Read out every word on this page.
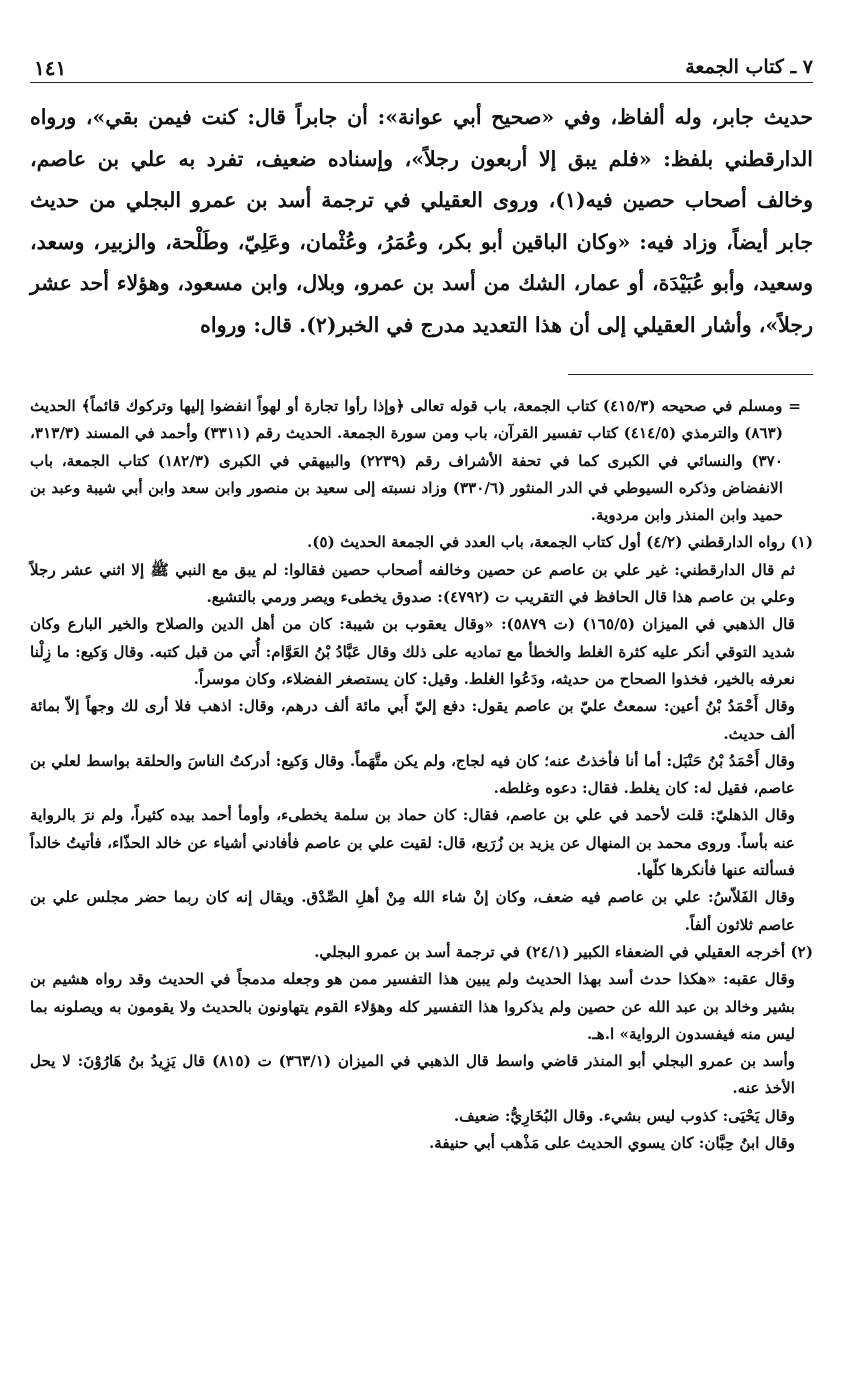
٧ ـ كتاب الجمعة
١٤١

حديث جابر، وله ألفاظ، وفي «صحيح أبي عوانة»: أن جابراً قال: كنت فيمن بقي»، ورواه الدارقطني بلفظ: «فلم يبق إلا أربعون رجلاً»، وإسناده ضعيف، تفرد به علي بن عاصم، وخالف أصحاب حصين فيه(١)، وروى العقيلي في ترجمة أسد بن عمرو البجلي من حديث جابر أيضاً، وزاد فيه: «وكان الباقين أبو بكر، وعُمَرُ، وعُثْمان، وعَلِيّ، وطَلْحة، والزبير، وسعد، وسعيد، وأبو عُبَيْدَة، أو عمار، الشك من أسد بن عمرو، وبلال، وابن مسعود، وهؤلاء أحد عشر رجلاً»، وأشار العقيلي إلى أن هذا التعديد مدرج في الخبر(٢). قال: ورواه

= ومسلم في صحيحه (٤١٥/٣) كتاب الجمعة، باب قوله تعالى ﴿وإذا رأوا تجارة أو لهواً انفضوا إليها وتركوك قائماً﴾ الحديث (٨٦٣) والترمذي (٤١٤/٥) كتاب تفسير القرآن، باب ومن سورة الجمعة. الحديث رقم (٣٣١١) وأحمد في المسند (٣١٣/٣، ٣٧٠) والنسائي في الكبرى كما في تحفة الأشراف رقم (٢٢٣٩) والبيهقي في الكبرى (١٨٢/٣) كتاب الجمعة، باب الانفضاض وذكره السيوطي في الدر المنثور (٣٣٠/٦) وزاد نسبته إلى سعيد بن منصور وابن سعد وابن أبي شيبة وعبد بن حميد وابن المنذر وابن مردوية.

(١) رواه الدارقطني (٤/٢) أول كتاب الجمعة، باب العدد في الجمعة الحديث (٥).

ثم قال الدارقطني: غير علي بن عاصم عن حصين وخالفه أصحاب حصين فقالوا: لم يبق مع النبي ﷺ إلا اثني عشر رجلاً وعلي بن عاصم هذا قال الحافظ في التقريب ت (٤٧٩٢): صدوق يخطىء ويصر ورمي بالتشيع.

قال الذهبي في الميزان (١٦٥/٥) (ت ٥٨٧٩): «وقال يعقوب بن شيبة: كان من أهل الدين والصلاح والخير البارع وكان شديد التوقي أنكر عليه كثرة الغلط والخطأ مع تماديه على ذلك وقال عَبَّادُ بْنُ العَوَّام: أُتي من قبل كتبه. وقال وَكيع: ما زِلْنا نعرفه بالخير، فخذوا الصحاح من حديثه، ودَعُوا الغلط. وقيل: كان يستصغر الفضلاء، وكان موسراً.

وقال أَحْمَدُ بْنُ أعين: سمعتُ عليّ بن عاصم يقول: دفع إليّ أَبي مائة ألف درهم، وقال: اذهب فلا أرى لك وجهاً إلاّ بمائة ألف حديث.

وقال أَحْمَدُ بْنُ حَنْبَل: أما أنا فأخذتُ عنه؛ كان فيه لجاج، ولم يكن متَّهَماً. وقال وَكيع: أدركتُ الناسَ والحلقة بواسط لعلي بن عاصم، فقيل له: كان يغلط. فقال: دعوه وغلطه.

وقال الذهليّ: قلت لأحمد في علي بن عاصم، فقال: كان حماد بن سلمة يخطىء، وأومأ أحمد بيده كثيراً، ولم نرَ بالرواية عنه بأساً. وروى محمد بن المنهال عن يزيد بن زُرَيع، قال: لقيت علي بن عاصم فأفادني أشياء عن خالد الحذّاء، فأتيتُ خالداً فسألته عنها فأنكرها كلّها.

وقال الفَلاّسُ: علي بن عاصم فيه ضعف، وكان إنْ شاء الله مِنْ أهلِ الصِّدْق. ويقال إنه كان ربما حضر مجلس علي بن عاصم ثلاثون ألفاً.

(٢) أخرجه العقيلي في الضعفاء الكبير (٢٤/١) في ترجمة أسد بن عمرو البجلي.

وقال عقبه: «هكذا حدث أسد بهذا الحديث ولم يبين هذا التفسير ممن هو وجعله مدمجاً في الحديث وقد رواه هشيم بن بشير وخالد بن عبد الله عن حصين ولم يذكروا هذا التفسير كله وهؤلاء القوم يتهاونون بالحديث ولا يقومون به ويصلونه بما ليس منه فيفسدون الرواية» ا.هـ.

وأسد بن عمرو البجلي أبو المنذر قاضي واسط قال الذهبي في الميزان (٣٦٣/١) ت (٨١٥) قال يَزِيدُ بنُ هَارُوْنَ: لا يحل الأخذ عنه.

وقال يَحْيَى: كذوب ليس بشيء. وقال البُخَارِيُّ: ضعيف.

وقال ابنُ حِبَّان: كان يسوي الحديث على مَذْهب أبي حنيفة.
